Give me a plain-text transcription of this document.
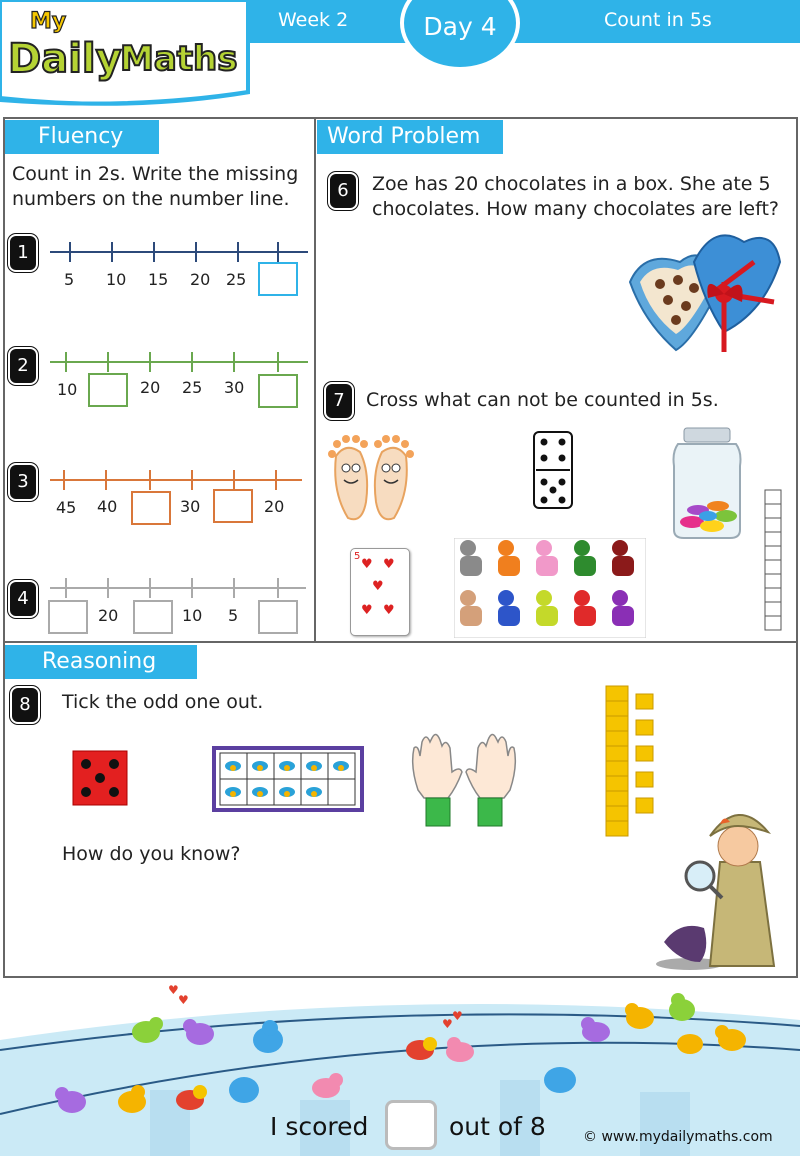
Week 2	Count in 5s
Day 4
My
Daily
Maths
Fluency
Count in 2s. Write the missing numbers on the number line.
1
5 10 15 20 25
2
10	20 25 30
3
45 40	30	20
4
20	10 5
Word Problem
6	Zoe has 20 chocolates in a box. She ate 5 chocolates. How many chocolates are left?
7	Cross what can not be counted in 5s.
5
♥ ♥
♥
♥ ♥
Reasoning
8	Tick the odd one out.
How do you know?
♥
♥
♥
♥
I scored	out of 8	© www.mydailymaths.com
